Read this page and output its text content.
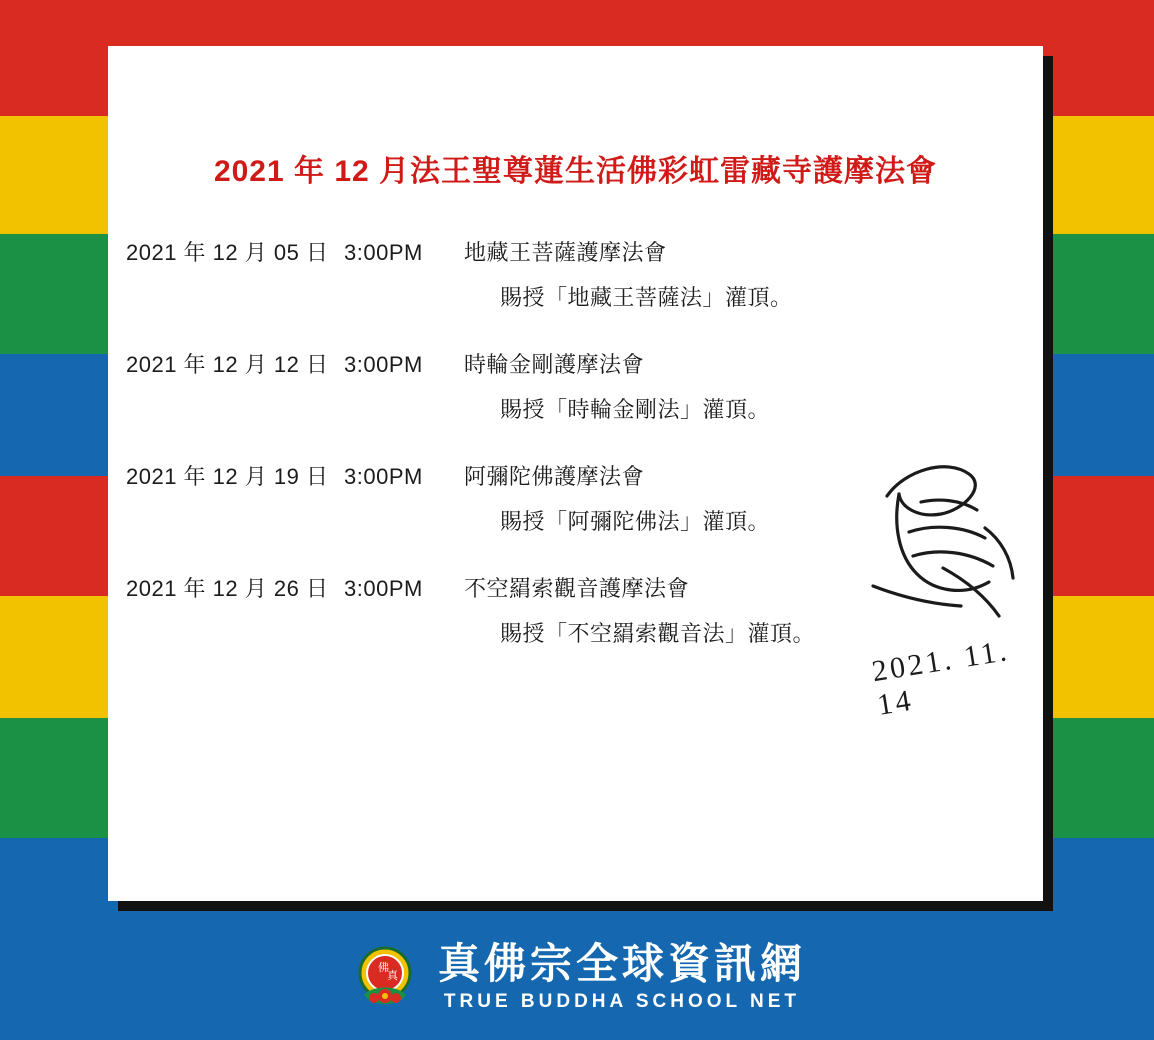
2021 年 12 月法王聖尊蓮生活佛彩虹雷藏寺護摩法會
2021 年 12 月 05 日 3:00PM	地藏王菩薩護摩法會
賜授「地藏王菩薩法」灌頂。
2021 年 12 月 12 日 3:00PM	時輪金剛護摩法會
賜授「時輪金剛法」灌頂。
2021 年 12 月 19 日 3:00PM	阿彌陀佛護摩法會
賜授「阿彌陀佛法」灌頂。
2021 年 12 月 26 日 3:00PM	不空羂索觀音護摩法會
賜授「不空羂索觀音法」灌頂。
2021. 11. 14
佛
真 真佛宗全球資訊網
TRUE BUDDHA SCHOOL NET
